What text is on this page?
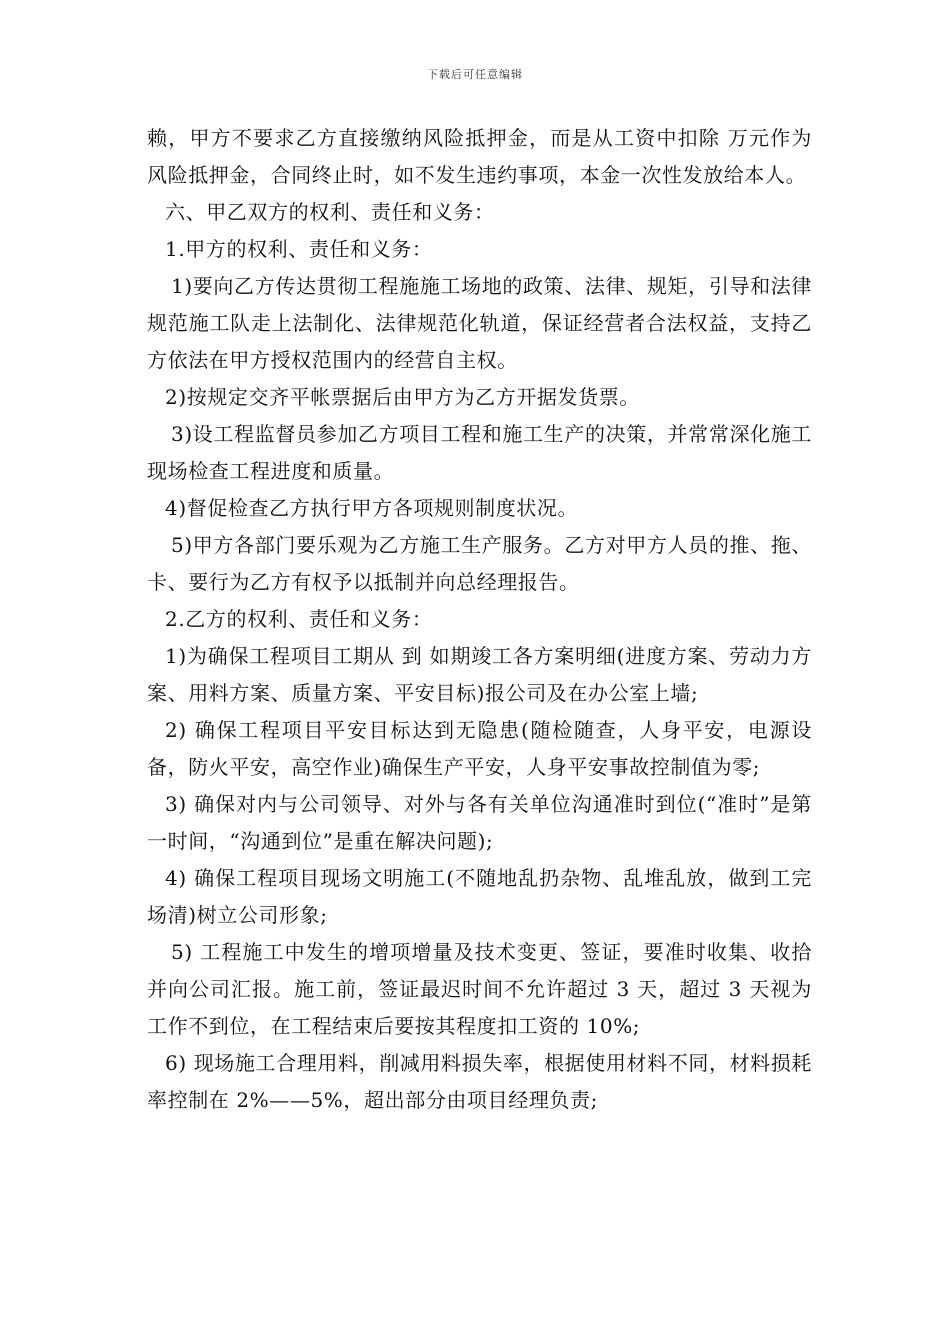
下载后可任意编辑

赖，甲方不要求乙方直接缴纳风险抵押金，而是从工资中扣除 万元作为风险抵押金，合同终止时，如不发生违约事项，本金一次性发放给本人。

六、甲乙双方的权利、责任和义务：

1.甲方的权利、责任和义务：

1)要向乙方传达贯彻工程施施工场地的政策、法律、规矩，引导和法律规范施工队走上法制化、法律规范化轨道，保证经营者合法权益，支持乙方依法在甲方授权范围内的经营自主权。

2)按规定交齐平帐票据后由甲方为乙方开据发货票。

3)设工程监督员参加乙方项目工程和施工生产的决策，并常常深化施工现场检查工程进度和质量。

4)督促检查乙方执行甲方各项规则制度状况。

5)甲方各部门要乐观为乙方施工生产服务。乙方对甲方人员的推、拖、卡、要行为乙方有权予以抵制并向总经理报告。

2.乙方的权利、责任和义务：

1)为确保工程项目工期从 到 如期竣工各方案明细(进度方案、劳动力方案、用料方案、质量方案、平安目标)报公司及在办公室上墙;

2) 确保工程项目平安目标达到无隐患(随检随查，人身平安，电源设备，防火平安，高空作业)确保生产平安，人身平安事故控制值为零;

3) 确保对内与公司领导、对外与各有关单位沟通准时到位(“准时”是第一时间，“沟通到位”是重在解决问题);

4) 确保工程项目现场文明施工(不随地乱扔杂物、乱堆乱放，做到工完场清)树立公司形象;

5) 工程施工中发生的增项增量及技术变更、签证，要准时收集、收拾并向公司汇报。施工前，签证最迟时间不允许超过 3 天，超过 3 天视为工作不到位，在工程结束后要按其程度扣工资的 10%;

6) 现场施工合理用料，削减用料损失率，根据使用材料不同，材料损耗率控制在 2%——5%，超出部分由项目经理负责;
